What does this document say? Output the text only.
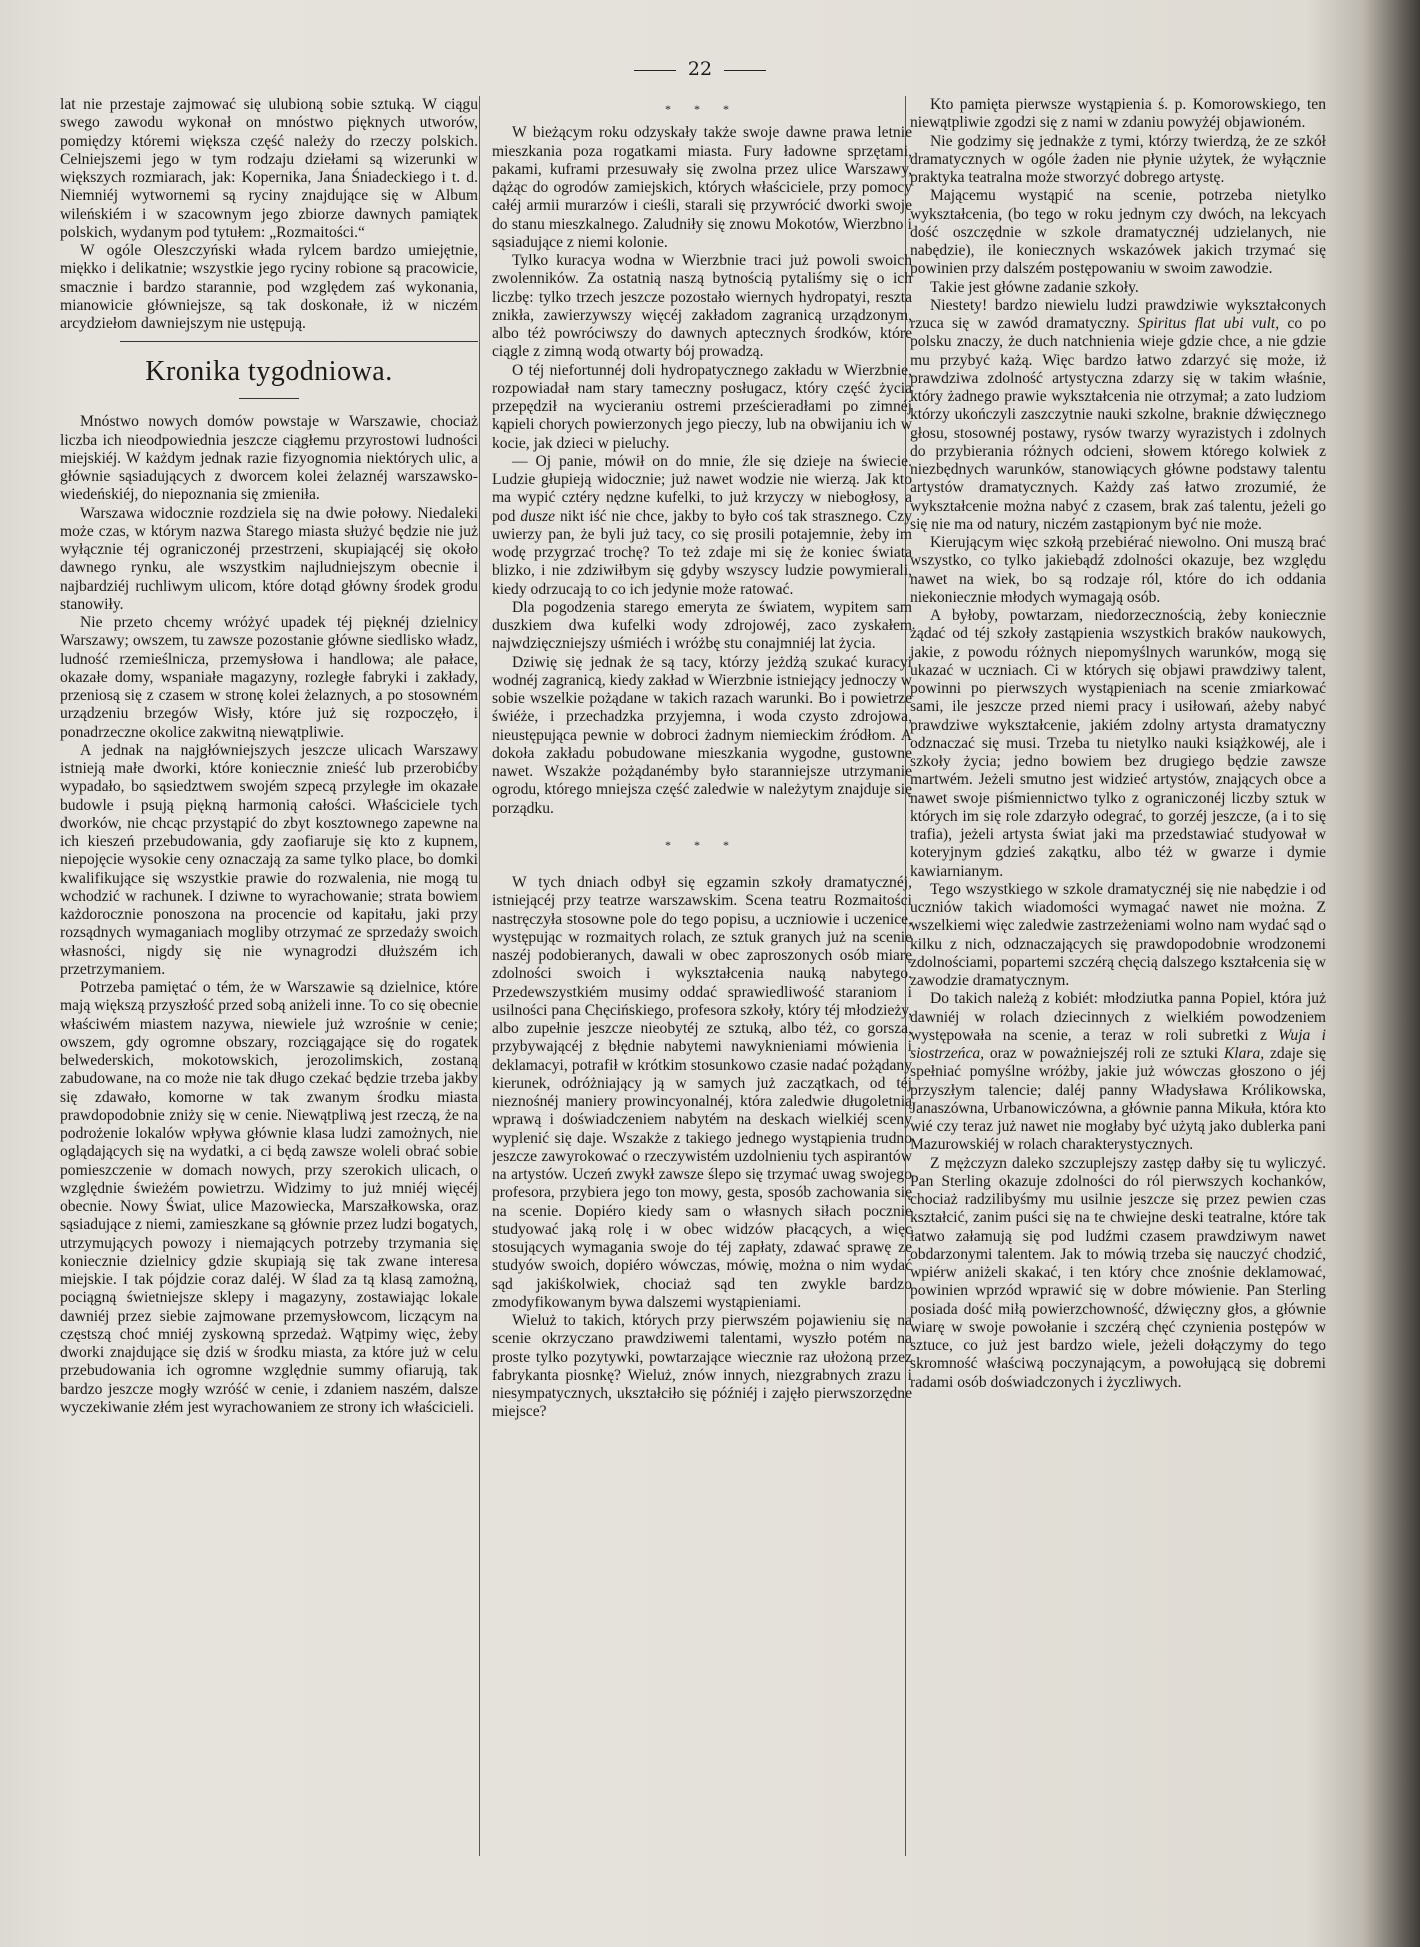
22

lat nie przestaje zajmować się ulubioną sobie sztuką. W ciągu swego zawodu wykonał on mnóstwo pięknych utworów, pomiędzy któremi większa część należy do rzeczy polskich. Celniejszemi jego w tym rodzaju dziełami są wizerunki w większych rozmiarach, jak: Kopernika, Jana Śniadeckiego i t. d. Niemniéj wytwornemi są ryciny znajdujące się w Album wileńskiém i w szacownym jego zbiorze dawnych pamiątek polskich, wydanym pod tytułem: „Rozmaitości.“

W ogóle Oleszczyński włada rylcem bardzo umiejętnie, miękko i delikatnie; wszystkie jego ryciny robione są pracowicie, smacznie i bardzo starannie, pod względem zaś wykonania, mianowicie główniejsze, są tak doskonałe, iż w niczém arcydziełom dawniejszym nie ustępują.

Kronika tygodniowa.

Mnóstwo nowych domów powstaje w Warszawie, chociaż liczba ich nieodpowiednia jeszcze ciągłemu przyrostowi ludności miejskiéj. W każdym jednak razie fizyognomia niektórych ulic, a głównie sąsiadujących z dworcem kolei żelaznéj warszawsko-wiedeńskiéj, do niepoznania się zmieniła.

Warszawa widocznie rozdziela się na dwie połowy. Niedaleki może czas, w którym nazwa Starego miasta służyć będzie nie już wyłącznie téj ograniczonéj przestrzeni, skupiającéj się około dawnego rynku, ale wszystkim najludniejszym obecnie i najbardziéj ruchliwym ulicom, które dotąd główny środek grodu stanowiły.

Nie przeto chcemy wróżyć upadek téj pięknéj dzielnicy Warszawy; owszem, tu zawsze pozostanie główne siedlisko władz, ludność rzemieślnicza, przemysłowa i handlowa; ale pałace, okazałe domy, wspaniałe magazyny, rozległe fabryki i zakłady, przeniosą się z czasem w stronę kolei żelaznych, a po stosowném urządzeniu brzegów Wisły, które już się rozpoczęło, i ponadrzeczne okolice zakwitną niewątpliwie.

A jednak na najgłówniejszych jeszcze ulicach Warszawy istnieją małe dworki, które koniecznie znieść lub przerobićby wypadało, bo sąsiedztwem swojém szpecą przyległe im okazałe budowle i psują piękną harmonią całości. Właściciele tych dworków, nie chcąc przystąpić do zbyt kosztownego zapewne na ich kieszeń przebudowania, gdy zaofiaruje się kto z kupnem, niepojęcie wysokie ceny oznaczają za same tylko place, bo domki kwalifikujące się wszystkie prawie do rozwalenia, nie mogą tu wchodzić w rachunek. I dziwne to wyrachowanie; strata bowiem każdorocznie ponoszona na procencie od kapitału, jaki przy rozsądnych wymaganiach mogliby otrzymać ze sprzedaży swoich własności, nigdy się nie wynagrodzi dłuższém ich przetrzymaniem.

Potrzeba pamiętać o tém, że w Warszawie są dzielnice, które mają większą przyszłość przed sobą aniżeli inne. To co się obecnie właściwém miastem nazywa, niewiele już wzrośnie w cenie; owszem, gdy ogromne obszary, rozciągające się do rogatek belwederskich, mokotowskich, jerozolimskich, zostaną zabudowane, na co może nie tak długo czekać będzie trzeba jakby się zdawało, komorne w tak zwanym środku miasta prawdopodobnie zniży się w cenie. Niewątpliwą jest rzeczą, że na podrożenie lokalów wpływa głównie klasa ludzi zamożnych, nie oglądających się na wydatki, a ci będą zawsze woleli obrać sobie pomieszczenie w domach nowych, przy szerokich ulicach, o względnie świeżém powietrzu. Widzimy to już mniéj więcéj obecnie. Nowy Świat, ulice Mazowiecka, Marszałkowska, oraz sąsiadujące z niemi, zamieszkane są głównie przez ludzi bogatych, utrzymujących powozy i niemających potrzeby trzymania się koniecznie dzielnicy gdzie skupiają się tak zwane interesa miejskie. I tak pójdzie coraz daléj. W ślad za tą klasą zamożną, pociągną świetniejsze sklepy i magazyny, zostawiając lokale dawniéj przez siebie zajmowane przemysłowcom, liczącym na częstszą choć mniéj zyskowną sprzedaż. Wątpimy więc, żeby dworki znajdujące się dziś w środku miasta, za które już w celu przebudowania ich ogromne względnie summy ofiarują, tak bardzo jeszcze mogły wzróść w cenie, i zdaniem naszém, dalsze wyczekiwanie złém jest wyrachowaniem ze strony ich właścicieli.

* * *

W bieżącym roku odzyskały także swoje dawne prawa letnie mieszkania poza rogatkami miasta. Fury ładowne sprzętami, pakami, kuframi przesuwały się zwolna przez ulice Warszawy, dążąc do ogrodów zamiejskich, których właściciele, przy pomocy całéj armii murarzów i cieśli, starali się przywrócić dworki swoje do stanu mieszkalnego. Zaludniły się znowu Mokotów, Wierzbno i sąsiadujące z niemi kolonie.

Tylko kuracya wodna w Wierzbnie traci już powoli swoich zwolenników. Za ostatnią naszą bytnością pytaliśmy się o ich liczbę: tylko trzech jeszcze pozostało wiernych hydropatyi, reszta znikła, zawierzywszy więcéj zakładom zagranicą urządzonym, albo téż powróciwszy do dawnych aptecznych środków, które ciągle z zimną wodą otwarty bój prowadzą.

O téj niefortunnéj doli hydropatycznego zakładu w Wierzbnie, rozpowiadał nam stary tameczny posługacz, który część życia przepędził na wycieraniu ostremi prześcieradłami po zimnéj kąpieli chorych powierzonych jego pieczy, lub na obwijaniu ich w kocie, jak dzieci w pieluchy.

— Oj panie, mówił on do mnie, źle się dzieje na świecie. Ludzie głupieją widocznie; już nawet wodzie nie wierzą. Jak kto ma wypić cztéry nędzne kufelki, to już krzyczy w niebogłosy, a pod dusze nikt iść nie chce, jakby to było coś tak strasznego. Czy uwierzy pan, że byli już tacy, co się prosili potajemnie, żeby im wodę przygrzać trochę? To też zdaje mi się że koniec świata blizko, i nie zdziwiłbym się gdyby wszyscy ludzie powymierali, kiedy odrzucają to co ich jedynie może ratować.

Dla pogodzenia starego emeryta ze światem, wypitem sam duszkiem dwa kufelki wody zdrojowéj, zaco zyskałem najwdzięczniejszy uśmiéch i wróżbę stu conajmniéj lat życia.

Dziwię się jednak że są tacy, którzy jeżdżą szukać kuracyi wodnéj zagranicą, kiedy zakład w Wierzbnie istniejący jednoczy w sobie wszelkie pożądane w takich razach warunki. Bo i powietrze świéże, i przechadzka przyjemna, i woda czysto zdrojowa, nieustępująca pewnie w dobroci żadnym niemieckim źródłom. A dokoła zakładu pobudowane mieszkania wygodne, gustowne nawet. Wszakże pożądanémby było staranniejsze utrzymanie ogrodu, którego mniejsza część zaledwie w należytym znajduje się porządku.

* * *

W tych dniach odbył się egzamin szkoły dramatycznéj, istniejącéj przy teatrze warszawskim. Scena teatru Rozmaitości nastręczyła stosowne pole do tego popisu, a uczniowie i uczenice, występując w rozmaitych rolach, ze sztuk granych już na scenie naszéj podobieranych, dawali w obec zaproszonych osób miarę zdolności swoich i wykształcenia nauką nabytego. Przedewszystkiém musimy oddać sprawiedliwość staraniom i usilności pana Chęcińskiego, profesora szkoły, który téj młodzieży, albo zupełnie jeszcze nieobytéj ze sztuką, albo téż, co gorsza, przybywającéj z błędnie nabytemi nawyknieniami mówienia i deklamacyi, potrafił w krótkim stosunkowo czasie nadać pożądany kierunek, odróżniający ją w samych już zaczątkach, od téj nieznośnéj maniery prowincyonalnéj, która zaledwie długoletnią wprawą i doświadczeniem nabytém na deskach wielkiéj sceny wyplenić się daje. Wszakże z takiego jednego wystąpienia trudno jeszcze zawyrokować o rzeczywistém uzdolnieniu tych aspirantów na artystów. Uczeń zwykł zawsze ślepo się trzymać uwag swojego profesora, przybiera jego ton mowy, gesta, sposób zachowania się na scenie. Dopiéro kiedy sam o własnych siłach pocznie studyować jaką rolę i w obec widzów płacących, a więc stosujących wymagania swoje do téj zapłaty, zdawać sprawę ze studyów swoich, dopiéro wówczas, mówię, można o nim wydać sąd jakiśkolwiek, chociaż sąd ten zwykle bardzo zmodyfikowanym bywa dalszemi wystąpieniami.

Wieluż to takich, których przy pierwszém pojawieniu się na scenie okrzyczano prawdziwemi talentami, wyszło potém na proste tylko pozytywki, powtarzające wiecznie raz ułożoną przez fabrykanta piosnkę? Wieluż, znów innych, niezgrabnych zrazu i niesympatycznych, ukształciło się późniéj i zajęło pierwszorzędne miejsce?

Kto pamięta pierwsze wystąpienia ś. p. Komorowskiego, ten niewątpliwie zgodzi się z nami w zdaniu powyżéj objawioném.

Nie godzimy się jednakże z tymi, którzy twierdzą, że ze szkół dramatycznych w ogóle żaden nie płynie użytek, że wyłącznie praktyka teatralna może stworzyć dobrego artystę.

Mającemu wystąpić na scenie, potrzeba nietylko wykształcenia, (bo tego w roku jednym czy dwóch, na lekcyach dość oszczędnie w szkole dramatycznéj udzielanych, nie nabędzie), ile koniecznych wskazówek jakich trzymać się powinien przy dalszém postępowaniu w swoim zawodzie.

Takie jest główne zadanie szkoły.

Niestety! bardzo niewielu ludzi prawdziwie wykształconych rzuca się w zawód dramatyczny. Spiritus flat ubi vult, co po polsku znaczy, że duch natchnienia wieje gdzie chce, a nie gdzie mu przybyć każą. Więc bardzo łatwo zdarzyć się może, iż prawdziwa zdolność artystyczna zdarzy się w takim właśnie, który żadnego prawie wykształcenia nie otrzymał; a zato ludziom którzy ukończyli zaszczytnie nauki szkolne, braknie dźwięcznego głosu, stosownéj postawy, rysów twarzy wyrazistych i zdolnych do przybierania różnych odcieni, słowem którego kolwiek z niezbędnych warunków, stanowiących główne podstawy talentu artystów dramatycznych. Każdy zaś łatwo zrozumié, że wykształcenie można nabyć z czasem, brak zaś talentu, jeżeli go się nie ma od natury, niczém zastąpionym być nie może.

Kierującym więc szkołą przebiérać niewolno. Oni muszą brać wszystko, co tylko jakiebądź zdolności okazuje, bez względu nawet na wiek, bo są rodzaje ról, które do ich oddania niekoniecznie młodych wymagają osób.

A byłoby, powtarzam, niedorzecznością, żeby koniecznie żądać od téj szkoły zastąpienia wszystkich braków naukowych, jakie, z powodu różnych niepomyślnych warunków, mogą się ukazać w uczniach. Ci w których się objawi prawdziwy talent, powinni po pierwszych wystąpieniach na scenie zmiarkować sami, ile jeszcze przed niemi pracy i usiłowań, ażeby nabyć prawdziwe wykształcenie, jakiém zdolny artysta dramatyczny odznaczać się musi. Trzeba tu nietylko nauki książkowéj, ale i szkoły życia; jedno bowiem bez drugiego będzie zawsze martwém. Jeżeli smutno jest widzieć artystów, znających obce a nawet swoje piśmiennictwo tylko z ograniczonéj liczby sztuk w których im się role zdarzyło odegrać, to gorzéj jeszcze, (a i to się trafia), jeżeli artysta świat jaki ma przedstawiać studyował w koteryjnym gdzieś zakątku, albo téż w gwarze i dymie kawiarnianym.

Tego wszystkiego w szkole dramatycznéj się nie nabędzie i od uczniów takich wiadomości wymagać nawet nie można. Z wszelkiemi więc zaledwie zastrzeżeniami wolno nam wydać sąd o kilku z nich, odznaczających się prawdopodobnie wrodzonemi zdolnościami, popartemi szczérą chęcią dalszego kształcenia się w zawodzie dramatycznym.

Do takich należą z kobiét: młodziutka panna Popiel, która już dawniéj w rolach dziecinnych z wielkiém powodzeniem występowała na scenie, a teraz w roli subretki z Wuja i siostrzeńca, oraz w poważniejszéj roli ze sztuki Klara, zdaje się spełniać pomyślne wróżby, jakie już wówczas głoszono o jéj przyszłym talencie; daléj panny Władysława Królikowska, Janaszówna, Urbanowiczówna, a głównie panna Mikuła, która kto wié czy teraz już nawet nie mogłaby być użytą jako dublerka pani Mazurowskiéj w rolach charakterystycznych.

Z mężczyzn daleko szczuplejszy zastęp dałby się tu wyliczyć. Pan Sterling okazuje zdolności do ról pierwszych kochanków, chociaż radzilibyśmy mu usilnie jeszcze się przez pewien czas kształcić, zanim puści się na te chwiejne deski teatralne, które tak łatwo załamują się pod ludźmi czasem prawdziwym nawet obdarzonymi talentem. Jak to mówią trzeba się nauczyć chodzić, wpiérw aniżeli skakać, i ten który chce znośnie deklamować, powinien wprzód wprawić się w dobre mówienie. Pan Sterling posiada dość miłą powierzchowność, dźwięczny głos, a głównie wiarę w swoje powołanie i szczérą chęć czynienia postępów w sztuce, co już jest bardzo wiele, jeżeli dołączymy do tego skromność właściwą poczynającym, a powołującą się dobremi radami osób doświadczonych i życzliwych.
